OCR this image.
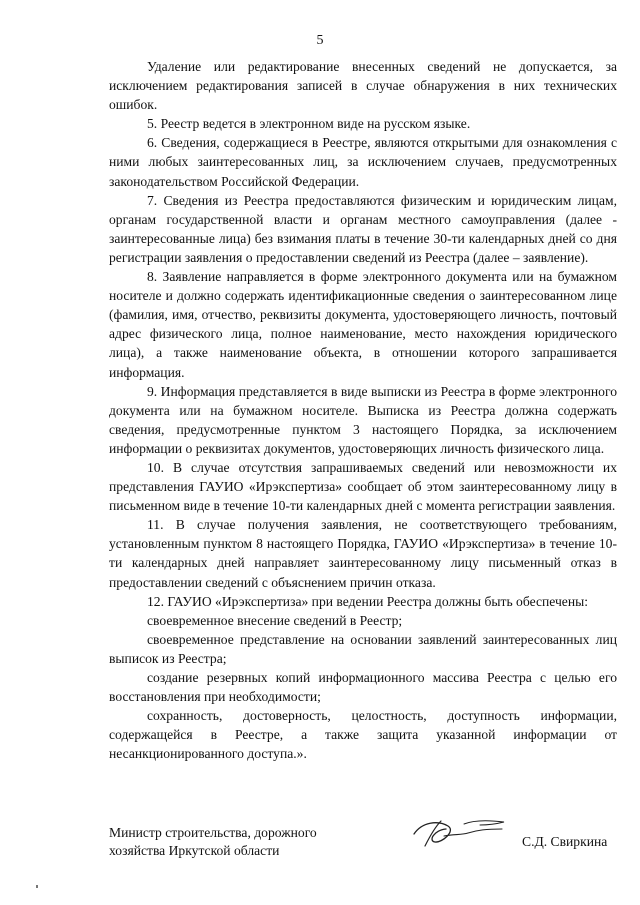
5

Удаление или редактирование внесенных сведений не допускается, за исключением редактирования записей в случае обнаружения в них технических ошибок.

5. Реестр ведется в электронном виде на русском языке.

6. Сведения, содержащиеся в Реестре, являются открытыми для ознакомления с ними любых заинтересованных лиц, за исключением случаев, предусмотренных законодательством Российской Федерации.

7. Сведения из Реестра предоставляются физическим и юридическим лицам, органам государственной власти и органам местного самоуправления (далее - заинтересованные лица) без взимания платы в течение 30-ти календарных дней со дня регистрации заявления о предоставлении сведений из Реестра (далее – заявление).

8. Заявление направляется в форме электронного документа или на бумажном носителе и должно содержать идентификационные сведения о заинтересованном лице (фамилия, имя, отчество, реквизиты документа, удостоверяющего личность, почтовый адрес физического лица, полное наименование, место нахождения юридического лица), а также наименование объекта, в отношении которого запрашивается информация.

9. Информация представляется в виде выписки из Реестра в форме электронного документа или на бумажном носителе. Выписка из Реестра должна содержать сведения, предусмотренные пунктом 3 настоящего Порядка, за исключением информации о реквизитах документов, удостоверяющих личность физического лица.

10. В случае отсутствия запрашиваемых сведений или невозможности их представления ГАУИО «Ирэкспертиза» сообщает об этом заинтересованному лицу в письменном виде в течение 10-ти календарных дней с момента регистрации заявления.

11. В случае получения заявления, не соответствующего требованиям, установленным пунктом 8 настоящего Порядка, ГАУИО «Ирэкспертиза» в течение 10-ти календарных дней направляет заинтересованному лицу письменный отказ в предоставлении сведений с объяснением причин отказа.

12. ГАУИО «Ирэкспертиза» при ведении Реестра должны быть обеспечены:

своевременное внесение сведений в Реестр;

своевременное представление на основании заявлений заинтересованных лиц выписок из Реестра;

создание резервных копий информационного массива Реестра с целью его восстановления при необходимости;

сохранность, достоверность, целостность, доступность информации, содержащейся в Реестре, а также защита указанной информации от несанкционированного доступа.».

Министр строительства, дорожного
хозяйства Иркутской области
С.Д. Свиркина
